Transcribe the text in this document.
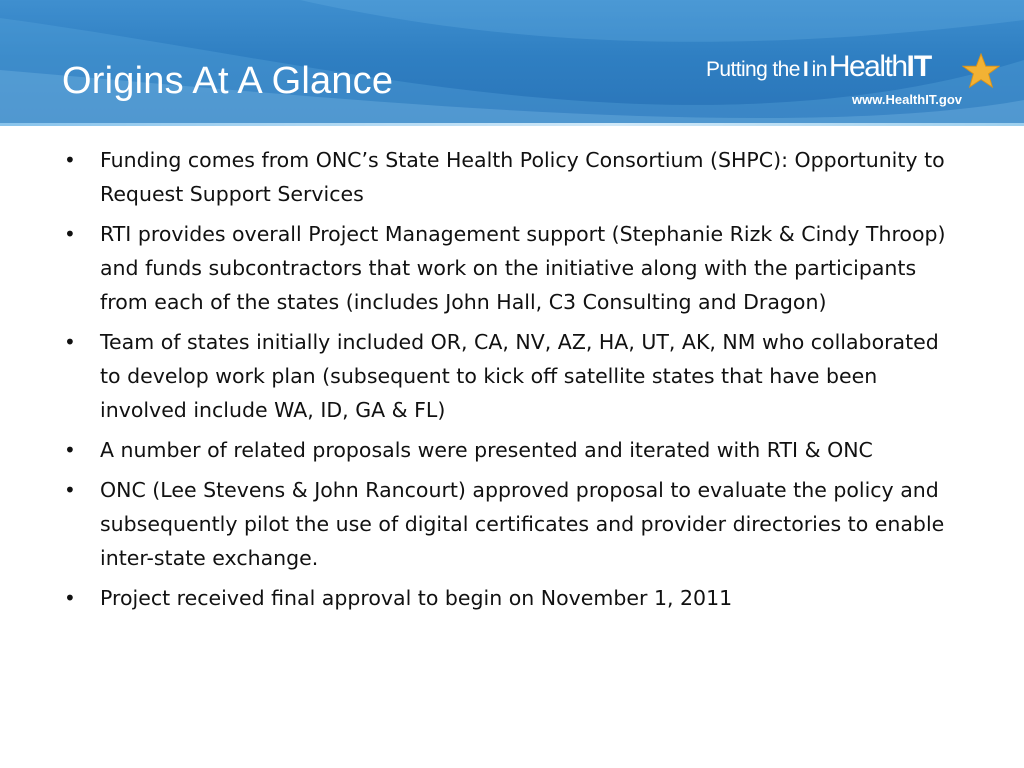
Origins At A Glance	Putting the I inHealthIT
www.HealthIT.gov
• Funding comes from ONC’s State Health Policy Consortium (SHPC): Opportunity to Request Support Services
• RTI provides overall Project Management support (Stephanie Rizk & Cindy Throop) and funds subcontractors that work on the initiative along with the participants from each of the states (includes John Hall, C3 Consulting and Dragon)
• Team of states initially included OR, CA, NV, AZ, HA, UT, AK, NM who collaborated to develop work plan (subsequent to kick off satellite states that have been involved include WA, ID, GA & FL)
• A number of related proposals were presented and iterated with RTI & ONC
• ONC (Lee Stevens & John Rancourt) approved proposal to evaluate the policy and subsequently pilot the use of digital certificates and provider directories to enable inter-state exchange.
• Project received final approval to begin on November 1, 2011
